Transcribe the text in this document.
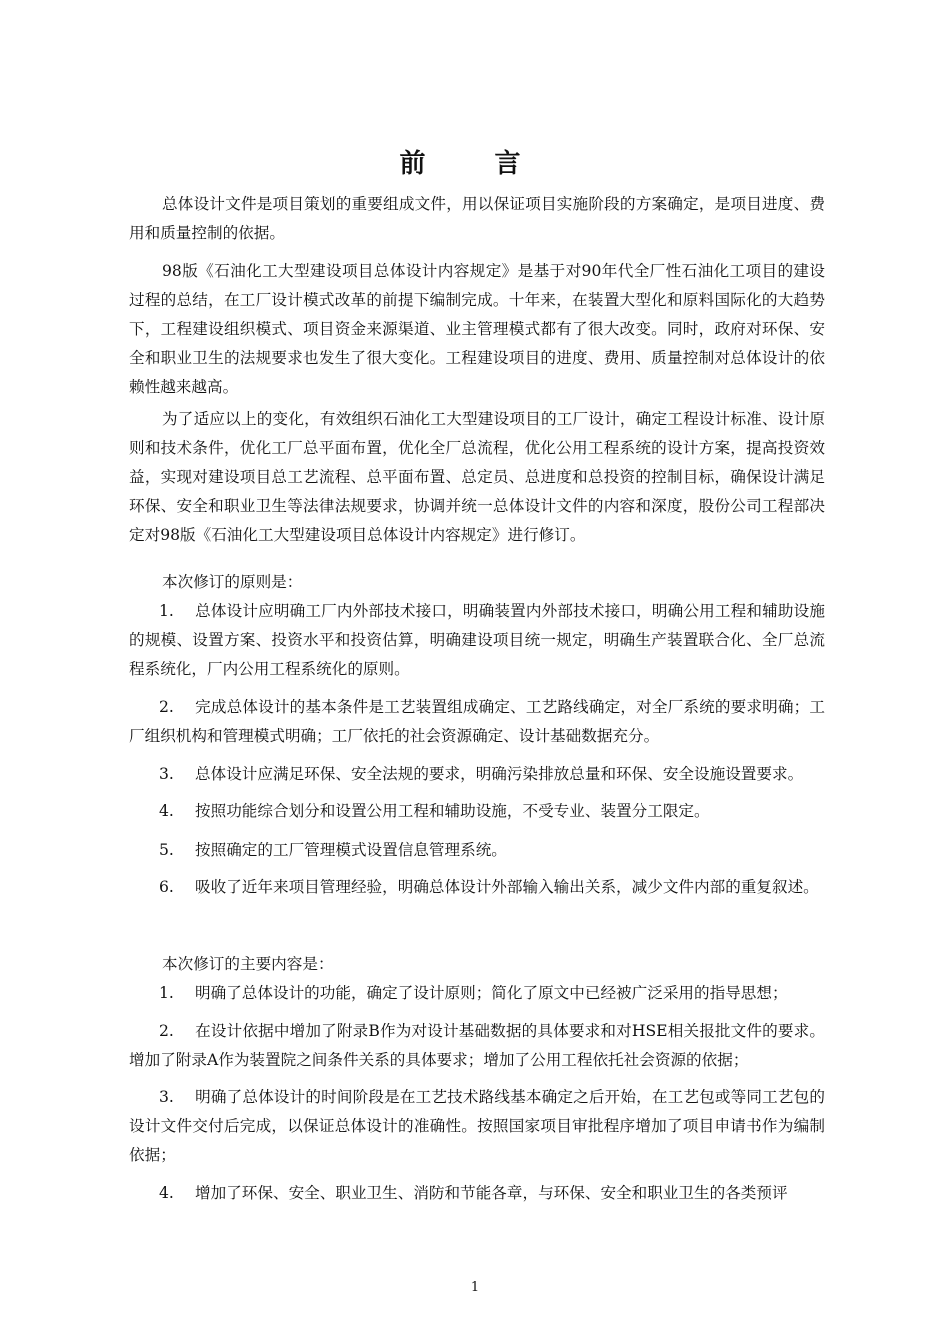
前 言

总体设计文件是项目策划的重要组成文件，用以保证项目实施阶段的方案确定，是项目进度、费用和质量控制的依据。

98版《石油化工大型建设项目总体设计内容规定》是基于对90年代全厂性石油化工项目的建设过程的总结，在工厂设计模式改革的前提下编制完成。十年来，在装置大型化和原料国际化的大趋势下，工程建设组织模式、项目资金来源渠道、业主管理模式都有了很大改变。同时，政府对环保、安全和职业卫生的法规要求也发生了很大变化。工程建设项目的进度、费用、质量控制对总体设计的依赖性越来越高。

为了适应以上的变化，有效组织石油化工大型建设项目的工厂设计，确定工程设计标准、设计原则和技术条件，优化工厂总平面布置，优化全厂总流程，优化公用工程系统的设计方案，提高投资效益，实现对建设项目总工艺流程、总平面布置、总定员、总进度和总投资的控制目标，确保设计满足环保、安全和职业卫生等法律法规要求，协调并统一总体设计文件的内容和深度，股份公司工程部决定对98版《石油化工大型建设项目总体设计内容规定》进行修订。

本次修订的原则是：

1. 总体设计应明确工厂内外部技术接口，明确装置内外部技术接口，明确公用工程和辅助设施的规模、设置方案、投资水平和投资估算，明确建设项目统一规定，明确生产装置联合化、全厂总流程系统化，厂内公用工程系统化的原则。

2. 完成总体设计的基本条件是工艺装置组成确定、工艺路线确定，对全厂系统的要求明确；工厂组织机构和管理模式明确；工厂依托的社会资源确定、设计基础数据充分。

3. 总体设计应满足环保、安全法规的要求，明确污染排放总量和环保、安全设施设置要求。

4. 按照功能综合划分和设置公用工程和辅助设施，不受专业、装置分工限定。

5. 按照确定的工厂管理模式设置信息管理系统。

6. 吸收了近年来项目管理经验，明确总体设计外部输入输出关系，减少文件内部的重复叙述。

本次修订的主要内容是：

1. 明确了总体设计的功能，确定了设计原则；简化了原文中已经被广泛采用的指导思想；

2. 在设计依据中增加了附录B作为对设计基础数据的具体要求和对HSE相关报批文件的要求。增加了附录A作为装置院之间条件关系的具体要求；增加了公用工程依托社会资源的依据；

3. 明确了总体设计的时间阶段是在工艺技术路线基本确定之后开始，在工艺包或等同工艺包的设计文件交付后完成，以保证总体设计的准确性。按照国家项目审批程序增加了项目申请书作为编制依据；

4. 增加了环保、安全、职业卫生、消防和节能各章，与环保、安全和职业卫生的各类预评

1
